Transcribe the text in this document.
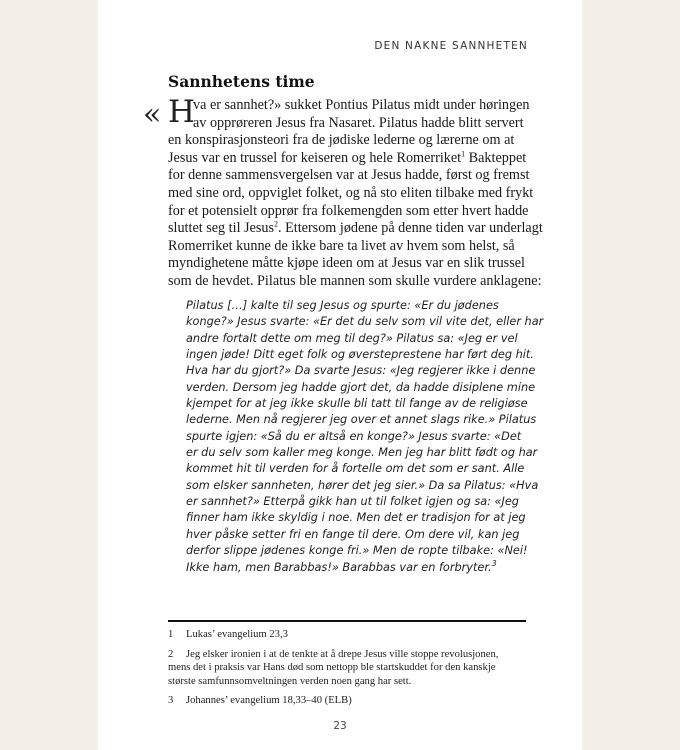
DEN NAKNE SANNHETEN
Sannhetens time
« H
va er sannhet?» sukket Pontius Pilatus midt under høringen
av opprøreren Jesus fra Nasaret. Pilatus hadde blitt servert
en konspirasjonsteori fra de jødiske lederne og lærerne om at
Jesus var en trussel for keiseren og hele Romerriket$^1$ Bakteppet
for denne sammensvergelsen var at Jesus hadde, først og fremst
med sine ord, oppviglet folket, og nå sto eliten tilbake med frykt
for et potensielt opprør fra folkemengden som etter hvert hadde
sluttet seg til Jesus$^2$. Ettersom jødene på denne tiden var underlagt
Romerriket kunne de ikke bare ta livet av hvem som helst, så
myndighetene måtte kjøpe ideen om at Jesus var en slik trussel
som de hevdet. Pilatus ble mannen som skulle vurdere anklagene:
Pilatus […] kalte til seg Jesus og spurte: «Er du jødenes
konge?» Jesus svarte: «Er det du selv som vil vite det, eller har
andre fortalt dette om meg til deg?» Pilatus sa: «Jeg er vel
ingen jøde! Ditt eget folk og øversteprestene har ført deg hit.
Hva har du gjort?» Da svarte Jesus: «Jeg regjerer ikke i denne
verden. Dersom jeg hadde gjort det, da hadde disiplene mine
kjempet for at jeg ikke skulle bli tatt til fange av de religiøse
lederne. Men nå regjerer jeg over et annet slags rike.» Pilatus
spurte igjen: «Så du er altså en konge?» Jesus svarte: «Det
er du selv som kaller meg konge. Men jeg har blitt født og har
kommet hit til verden for å fortelle om det som er sant. Alle
som elsker sannheten, hører det jeg sier.» Da sa Pilatus: «Hva
er sannhet?» Etterpå gikk han ut til folket igjen og sa: «Jeg
finner ham ikke skyldig i noe. Men det er tradisjon for at jeg
hver påske setter fri en fange til dere. Om dere vil, kan jeg
derfor slippe jødenes konge fri.» Men de ropte tilbake: «Nei!
Ikke ham, men Barabbas!» Barabbas var en forbryter.$^3$
1 Lukas’ evangelium 23,3
2 Jeg elsker ironien i at de tenkte at å drepe Jesus ville stoppe revolusjonen,
mens det i praksis var Hans død som nettopp ble startskuddet for den kanskje
største samfunnsomveltningen verden noen gang har sett.
3 Johannes’ evangelium 18,33–40 (ELB)
23
